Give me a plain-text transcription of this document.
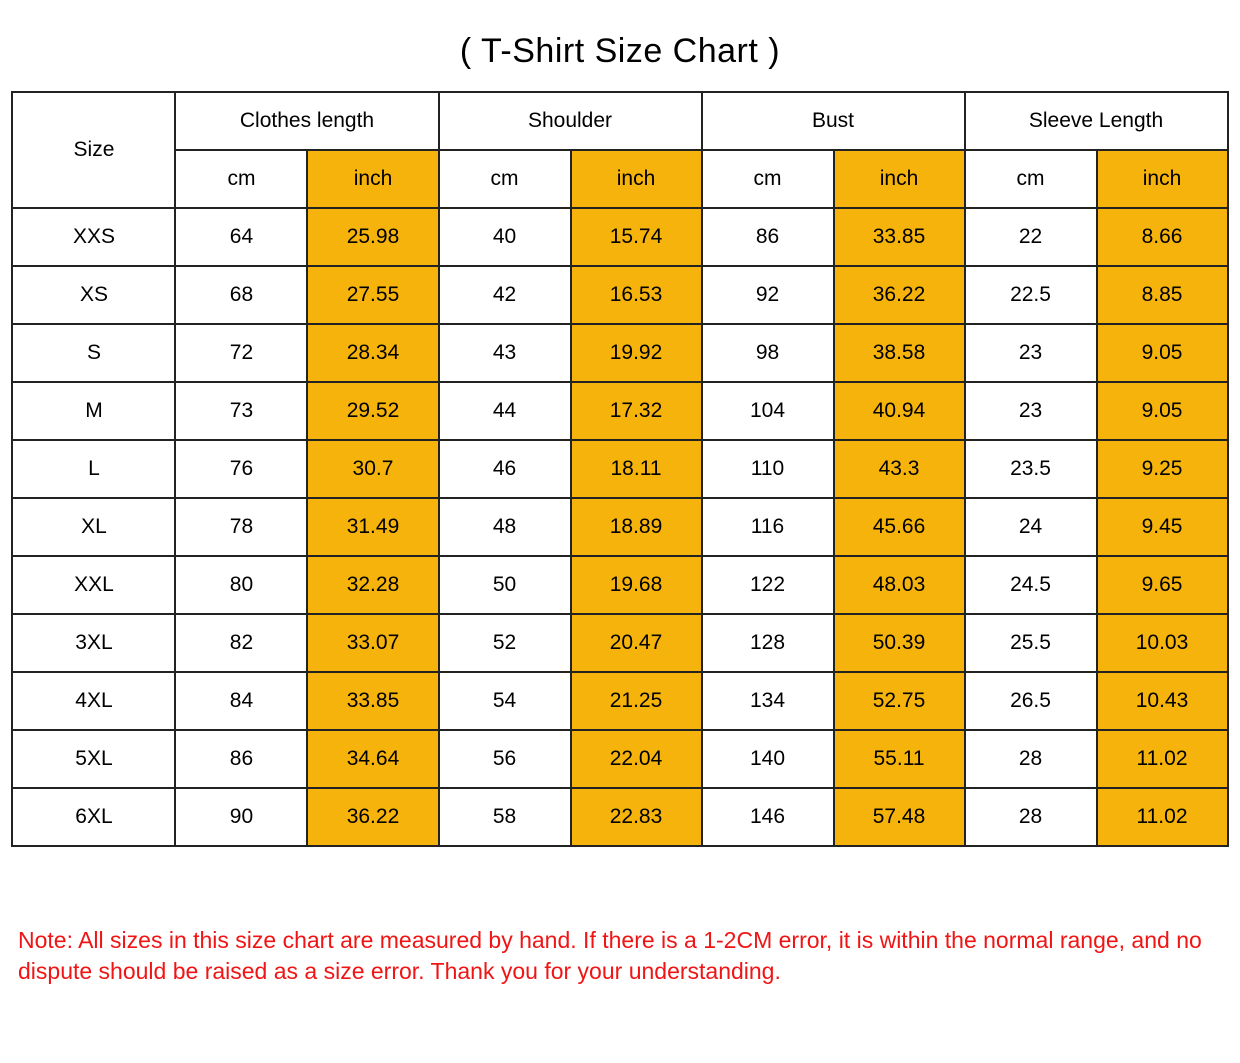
( T-Shirt Size Chart )
Size	Clothes length		Shoulder		Bust		Sleeve Length	
	cm	inch	cm	inch	cm	inch	cm	inch
XXS	64	25.98	40	15.74	86	33.85	22	8.66
XS	68	27.55	42	16.53	92	36.22	22.5	8.85
S	72	28.34	43	19.92	98	38.58	23	9.05
M	73	29.52	44	17.32	104	40.94	23	9.05
L	76	30.7	46	18.11	110	43.3	23.5	9.25
XL	78	31.49	48	18.89	116	45.66	24	9.45
XXL	80	32.28	50	19.68	122	48.03	24.5	9.65
3XL	82	33.07	52	20.47	128	50.39	25.5	10.03
4XL	84	33.85	54	21.25	134	52.75	26.5	10.43
5XL	86	34.64	56	22.04	140	55.11	28	11.02
6XL	90	36.22	58	22.83	146	57.48	28	11.02
Note: All sizes in this size chart are measured by hand. If there is a 1-2CM error, it is within the normal range, and no dispute should be raised as a size error. Thank you for your understanding.
